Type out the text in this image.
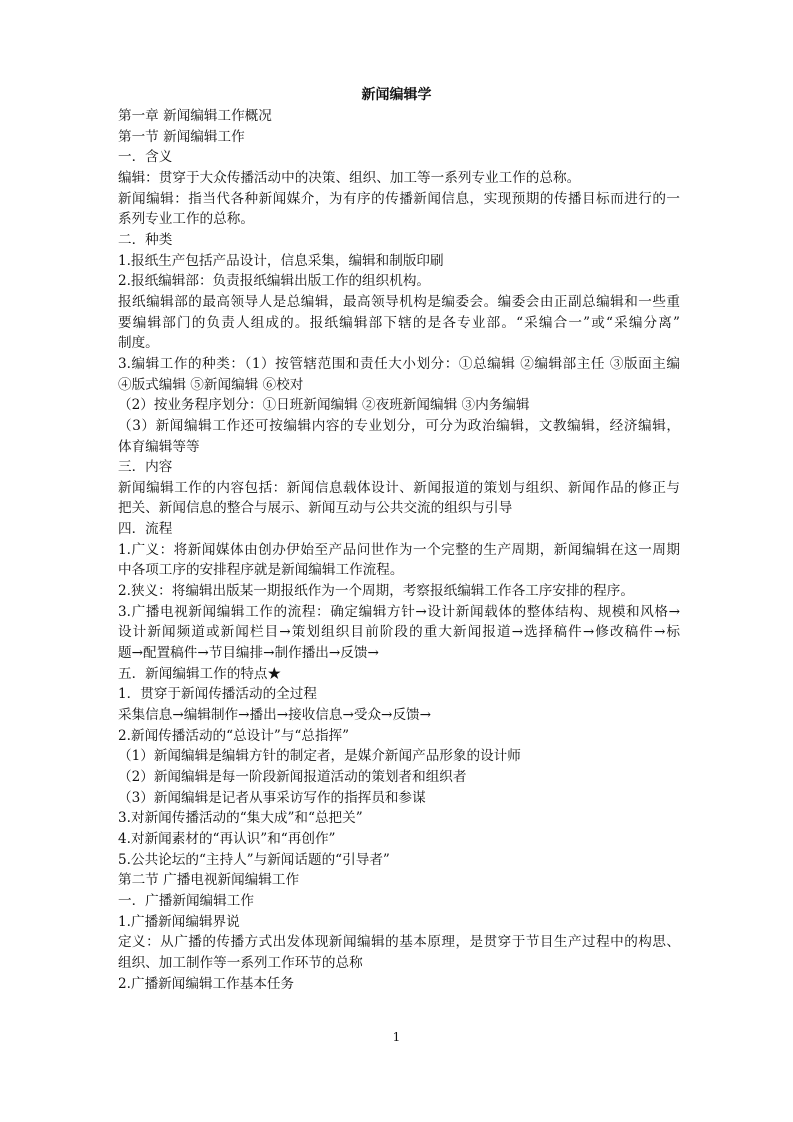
新闻编辑学
第一章 新闻编辑工作概况
第一节 新闻编辑工作
一．含义
编辑：贯穿于大众传播活动中的决策、组织、加工等一系列专业工作的总称。
新闻编辑：指当代各种新闻媒介，为有序的传播新闻信息，实现预期的传播目标而进行的一
系列专业工作的总称。
二．种类
1.报纸生产包括产品设计，信息采集，编辑和制版印刷
2.报纸编辑部：负责报纸编辑出版工作的组织机构。
报纸编辑部的最高领导人是总编辑，最高领导机构是编委会。编委会由正副总编辑和一些重
要编辑部门的负责人组成的。报纸编辑部下辖的是各专业部。“采编合一”或“采编分离”
制度。
3.编辑工作的种类：（1）按管辖范围和责任大小划分：①总编辑 ②编辑部主任 ③版面主编
④版式编辑 ⑤新闻编辑 ⑥校对
（2）按业务程序划分：①日班新闻编辑 ②夜班新闻编辑 ③内务编辑
（3）新闻编辑工作还可按编辑内容的专业划分，可分为政治编辑，文教编辑，经济编辑，
体育编辑等等
三．内容
新闻编辑工作的内容包括：新闻信息载体设计、新闻报道的策划与组织、新闻作品的修正与
把关、新闻信息的整合与展示、新闻互动与公共交流的组织与引导
四．流程
1.广义：将新闻媒体由创办伊始至产品问世作为一个完整的生产周期，新闻编辑在这一周期
中各项工序的安排程序就是新闻编辑工作流程。
2.狭义：将编辑出版某一期报纸作为一个周期，考察报纸编辑工作各工序安排的程序。
3.广播电视新闻编辑工作的流程：确定编辑方针→设计新闻载体的整体结构、规模和风格→
设计新闻频道或新闻栏目→策划组织目前阶段的重大新闻报道→选择稿件→修改稿件→标
题→配置稿件→节目编排→制作播出→反馈→
五．新闻编辑工作的特点★
1．贯穿于新闻传播活动的全过程
采集信息→编辑制作→播出→接收信息→受众→反馈→
2.新闻传播活动的“总设计”与“总指挥”
（1）新闻编辑是编辑方针的制定者，是媒介新闻产品形象的设计师
（2）新闻编辑是每一阶段新闻报道活动的策划者和组织者
（3）新闻编辑是记者从事采访写作的指挥员和参谋
3.对新闻传播活动的“集大成”和“总把关”
4.对新闻素材的“再认识”和“再创作”
5.公共论坛的“主持人”与新闻话题的“引导者”
第二节 广播电视新闻编辑工作
一．广播新闻编辑工作
1.广播新闻编辑界说
定义：从广播的传播方式出发体现新闻编辑的基本原理，是贯穿于节目生产过程中的构思、
组织、加工制作等一系列工作环节的总称
2.广播新闻编辑工作基本任务
1
